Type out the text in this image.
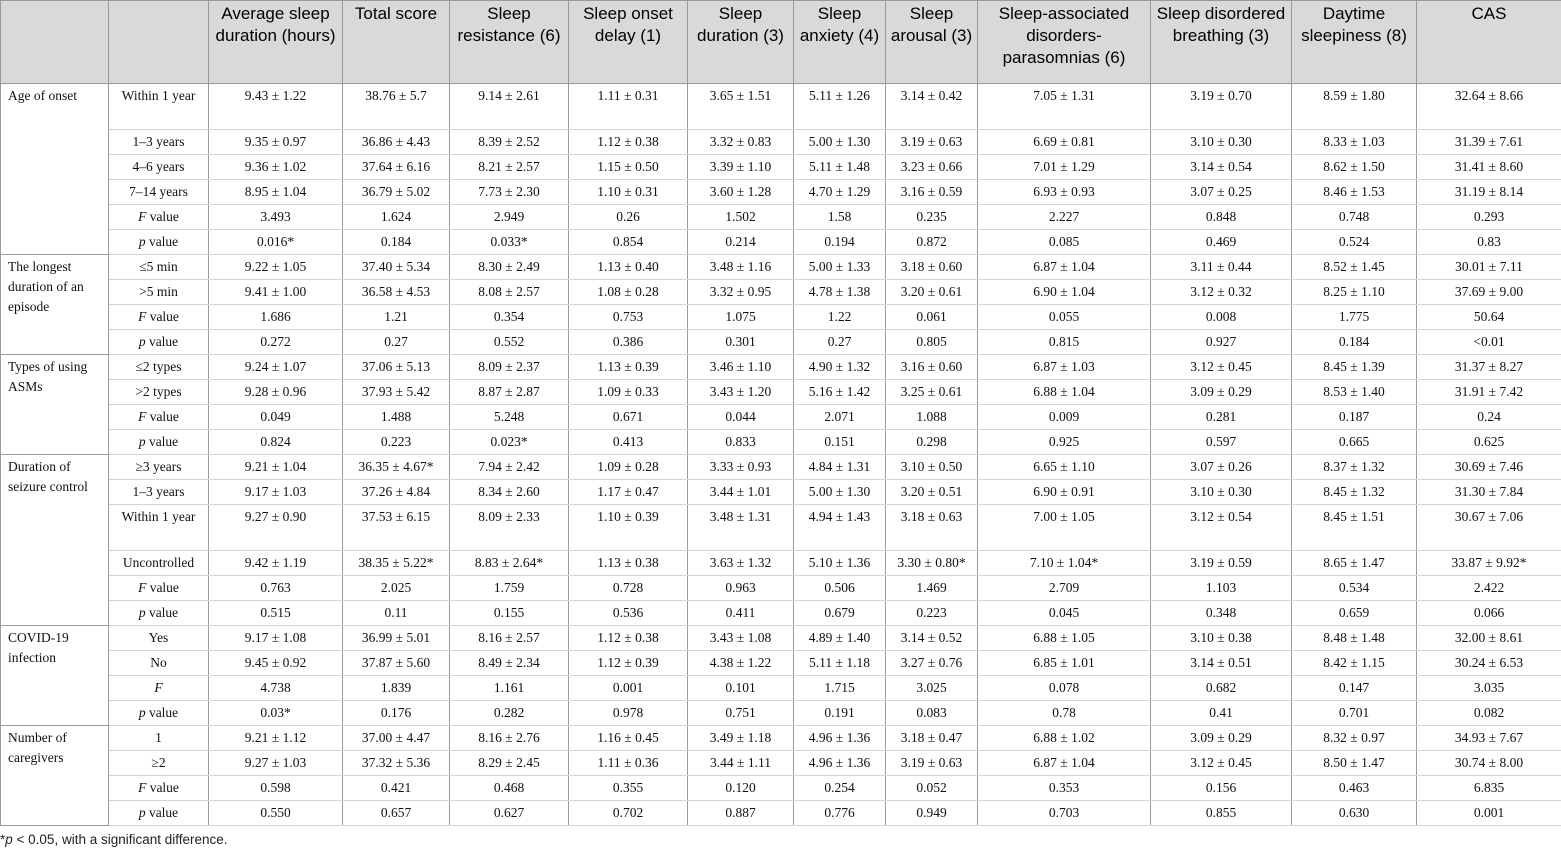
		Average sleep duration (hours)	Total score	Sleep resistance (6)	Sleep onset delay (1)	Sleep duration (3)	Sleep anxiety (4)	Sleep arousal (3)	Sleep-associated disorders-parasomnias (6)	Sleep disordered breathing (3)	Daytime sleepiness (8)	CAS
Age of onset	Within 1 year	9.43 ± 1.22	38.76 ± 5.7	9.14 ± 2.61	1.11 ± 0.31	3.65 ± 1.51	5.11 ± 1.26	3.14 ± 0.42	7.05 ± 1.31	3.19 ± 0.70	8.59 ± 1.80	32.64 ± 8.66
	1–3 years	9.35 ± 0.97	36.86 ± 4.43	8.39 ± 2.52	1.12 ± 0.38	3.32 ± 0.83	5.00 ± 1.30	3.19 ± 0.63	6.69 ± 0.81	3.10 ± 0.30	8.33 ± 1.03	31.39 ± 7.61
	4–6 years	9.36 ± 1.02	37.64 ± 6.16	8.21 ± 2.57	1.15 ± 0.50	3.39 ± 1.10	5.11 ± 1.48	3.23 ± 0.66	7.01 ± 1.29	3.14 ± 0.54	8.62 ± 1.50	31.41 ± 8.60
	7–14 years	8.95 ± 1.04	36.79 ± 5.02	7.73 ± 2.30	1.10 ± 0.31	3.60 ± 1.28	4.70 ± 1.29	3.16 ± 0.59	6.93 ± 0.93	3.07 ± 0.25	8.46 ± 1.53	31.19 ± 8.14
	F value	3.493	1.624	2.949	0.26	1.502	1.58	0.235	2.227	0.848	0.748	0.293
	p value	0.016*	0.184	0.033*	0.854	0.214	0.194	0.872	0.085	0.469	0.524	0.83
The longest duration of an episode	≤5 min	9.22 ± 1.05	37.40 ± 5.34	8.30 ± 2.49	1.13 ± 0.40	3.48 ± 1.16	5.00 ± 1.33	3.18 ± 0.60	6.87 ± 1.04	3.11 ± 0.44	8.52 ± 1.45	30.01 ± 7.11
	>5 min	9.41 ± 1.00	36.58 ± 4.53	8.08 ± 2.57	1.08 ± 0.28	3.32 ± 0.95	4.78 ± 1.38	3.20 ± 0.61	6.90 ± 1.04	3.12 ± 0.32	8.25 ± 1.10	37.69 ± 9.00
	F value	1.686	1.21	0.354	0.753	1.075	1.22	0.061	0.055	0.008	1.775	50.64
	p value	0.272	0.27	0.552	0.386	0.301	0.27	0.805	0.815	0.927	0.184	<0.01
Types of using ASMs	≤2 types	9.24 ± 1.07	37.06 ± 5.13	8.09 ± 2.37	1.13 ± 0.39	3.46 ± 1.10	4.90 ± 1.32	3.16 ± 0.60	6.87 ± 1.03	3.12 ± 0.45	8.45 ± 1.39	31.37 ± 8.27
	>2 types	9.28 ± 0.96	37.93 ± 5.42	8.87 ± 2.87	1.09 ± 0.33	3.43 ± 1.20	5.16 ± 1.42	3.25 ± 0.61	6.88 ± 1.04	3.09 ± 0.29	8.53 ± 1.40	31.91 ± 7.42
	F value	0.049	1.488	5.248	0.671	0.044	2.071	1.088	0.009	0.281	0.187	0.24
	p value	0.824	0.223	0.023*	0.413	0.833	0.151	0.298	0.925	0.597	0.665	0.625
Duration of seizure control	≥3 years	9.21 ± 1.04	36.35 ± 4.67*	7.94 ± 2.42	1.09 ± 0.28	3.33 ± 0.93	4.84 ± 1.31	3.10 ± 0.50	6.65 ± 1.10	3.07 ± 0.26	8.37 ± 1.32	30.69 ± 7.46
	1–3 years	9.17 ± 1.03	37.26 ± 4.84	8.34 ± 2.60	1.17 ± 0.47	3.44 ± 1.01	5.00 ± 1.30	3.20 ± 0.51	6.90 ± 0.91	3.10 ± 0.30	8.45 ± 1.32	31.30 ± 7.84
	Within 1 year	9.27 ± 0.90	37.53 ± 6.15	8.09 ± 2.33	1.10 ± 0.39	3.48 ± 1.31	4.94 ± 1.43	3.18 ± 0.63	7.00 ± 1.05	3.12 ± 0.54	8.45 ± 1.51	30.67 ± 7.06
	Uncontrolled	9.42 ± 1.19	38.35 ± 5.22*	8.83 ± 2.64*	1.13 ± 0.38	3.63 ± 1.32	5.10 ± 1.36	3.30 ± 0.80*	7.10 ± 1.04*	3.19 ± 0.59	8.65 ± 1.47	33.87 ± 9.92*
	F value	0.763	2.025	1.759	0.728	0.963	0.506	1.469	2.709	1.103	0.534	2.422
	p value	0.515	0.11	0.155	0.536	0.411	0.679	0.223	0.045	0.348	0.659	0.066
COVID-19 infection	Yes	9.17 ± 1.08	36.99 ± 5.01	8.16 ± 2.57	1.12 ± 0.38	3.43 ± 1.08	4.89 ± 1.40	3.14 ± 0.52	6.88 ± 1.05	3.10 ± 0.38	8.48 ± 1.48	32.00 ± 8.61
	No	9.45 ± 0.92	37.87 ± 5.60	8.49 ± 2.34	1.12 ± 0.39	4.38 ± 1.22	5.11 ± 1.18	3.27 ± 0.76	6.85 ± 1.01	3.14 ± 0.51	8.42 ± 1.15	30.24 ± 6.53
	F	4.738	1.839	1.161	0.001	0.101	1.715	3.025	0.078	0.682	0.147	3.035
	p value	0.03*	0.176	0.282	0.978	0.751	0.191	0.083	0.78	0.41	0.701	0.082
Number of caregivers	1	9.21 ± 1.12	37.00 ± 4.47	8.16 ± 2.76	1.16 ± 0.45	3.49 ± 1.18	4.96 ± 1.36	3.18 ± 0.47	6.88 ± 1.02	3.09 ± 0.29	8.32 ± 0.97	34.93 ± 7.67
	≥2	9.27 ± 1.03	37.32 ± 5.36	8.29 ± 2.45	1.11 ± 0.36	3.44 ± 1.11	4.96 ± 1.36	3.19 ± 0.63	6.87 ± 1.04	3.12 ± 0.45	8.50 ± 1.47	30.74 ± 8.00
	F value	0.598	0.421	0.468	0.355	0.120	0.254	0.052	0.353	0.156	0.463	6.835
	p value	0.550	0.657	0.627	0.702	0.887	0.776	0.949	0.703	0.855	0.630	0.001
*p < 0.05, with a significant difference.
